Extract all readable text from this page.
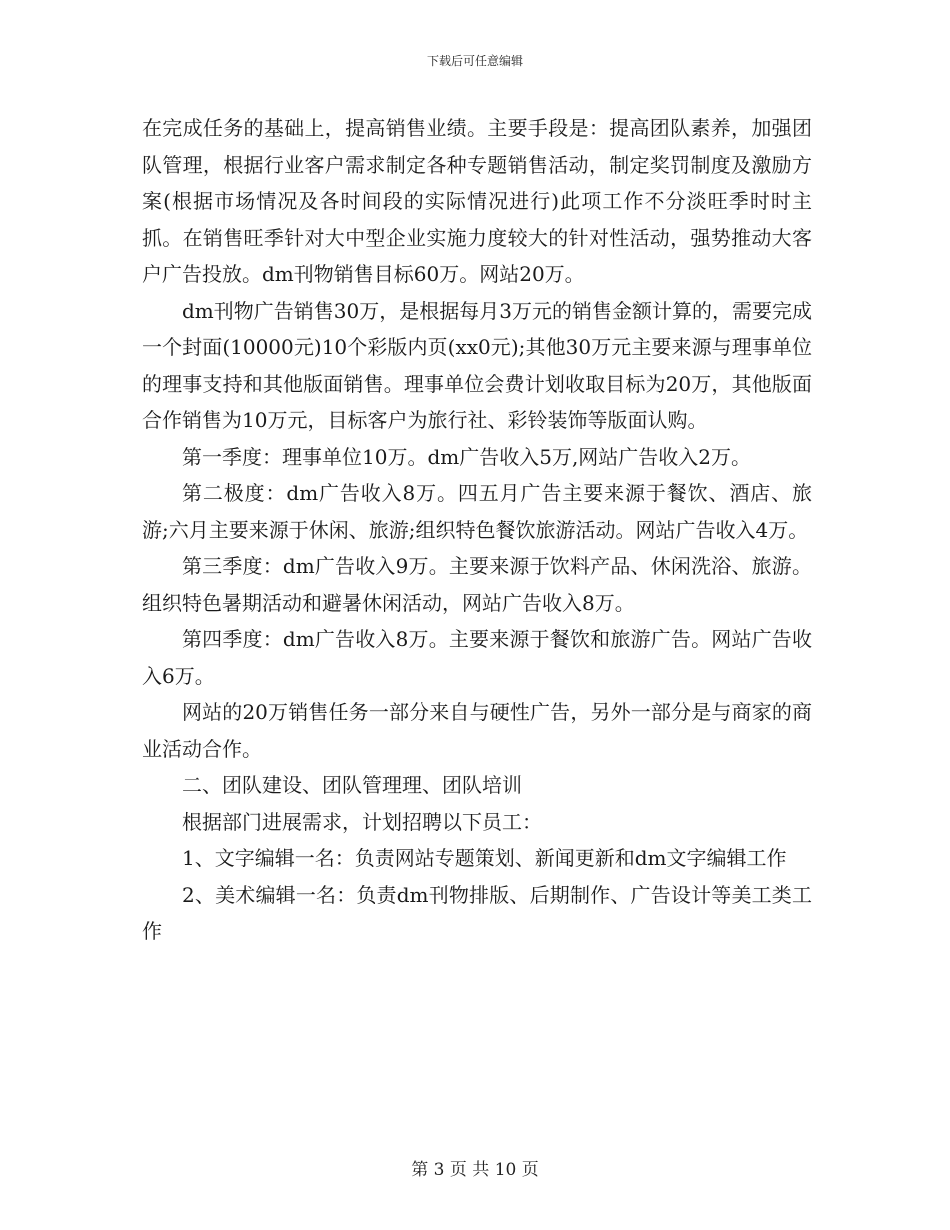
下载后可任意编辑

在完成任务的基础上，提高销售业绩。主要手段是：提高团队素养，加强团队管理，根据行业客户需求制定各种专题销售活动，制定奖罚制度及激励方案(根据市场情况及各时间段的实际情况进行)此项工作不分淡旺季时时主抓。在销售旺季针对大中型企业实施力度较大的针对性活动，强势推动大客户广告投放。dm刊物销售目标60万。网站20万。

dm刊物广告销售30万，是根据每月3万元的销售金额计算的，需要完成一个封面(10000元)10个彩版内页(xx0元);其他30万元主要来源与理事单位的理事支持和其他版面销售。理事单位会费计划收取目标为20万，其他版面合作销售为10万元，目标客户为旅行社、彩铃装饰等版面认购。

第一季度：理事单位10万。dm广告收入5万,网站广告收入2万。

第二极度：dm广告收入8万。四五月广告主要来源于餐饮、酒店、旅游;六月主要来源于休闲、旅游;组织特色餐饮旅游活动。网站广告收入4万。

第三季度：dm广告收入9万。主要来源于饮料产品、休闲洗浴、旅游。组织特色暑期活动和避暑休闲活动，网站广告收入8万。

第四季度：dm广告收入8万。主要来源于餐饮和旅游广告。网站广告收入6万。

网站的20万销售任务一部分来自与硬性广告，另外一部分是与商家的商业活动合作。

二、团队建设、团队管理理、团队培训

根据部门进展需求，计划招聘以下员工：

1、文字编辑一名：负责网站专题策划、新闻更新和dm文字编辑工作

2、美术编辑一名：负责dm刊物排版、后期制作、广告设计等美工类工作

第 3 页 共 10 页
